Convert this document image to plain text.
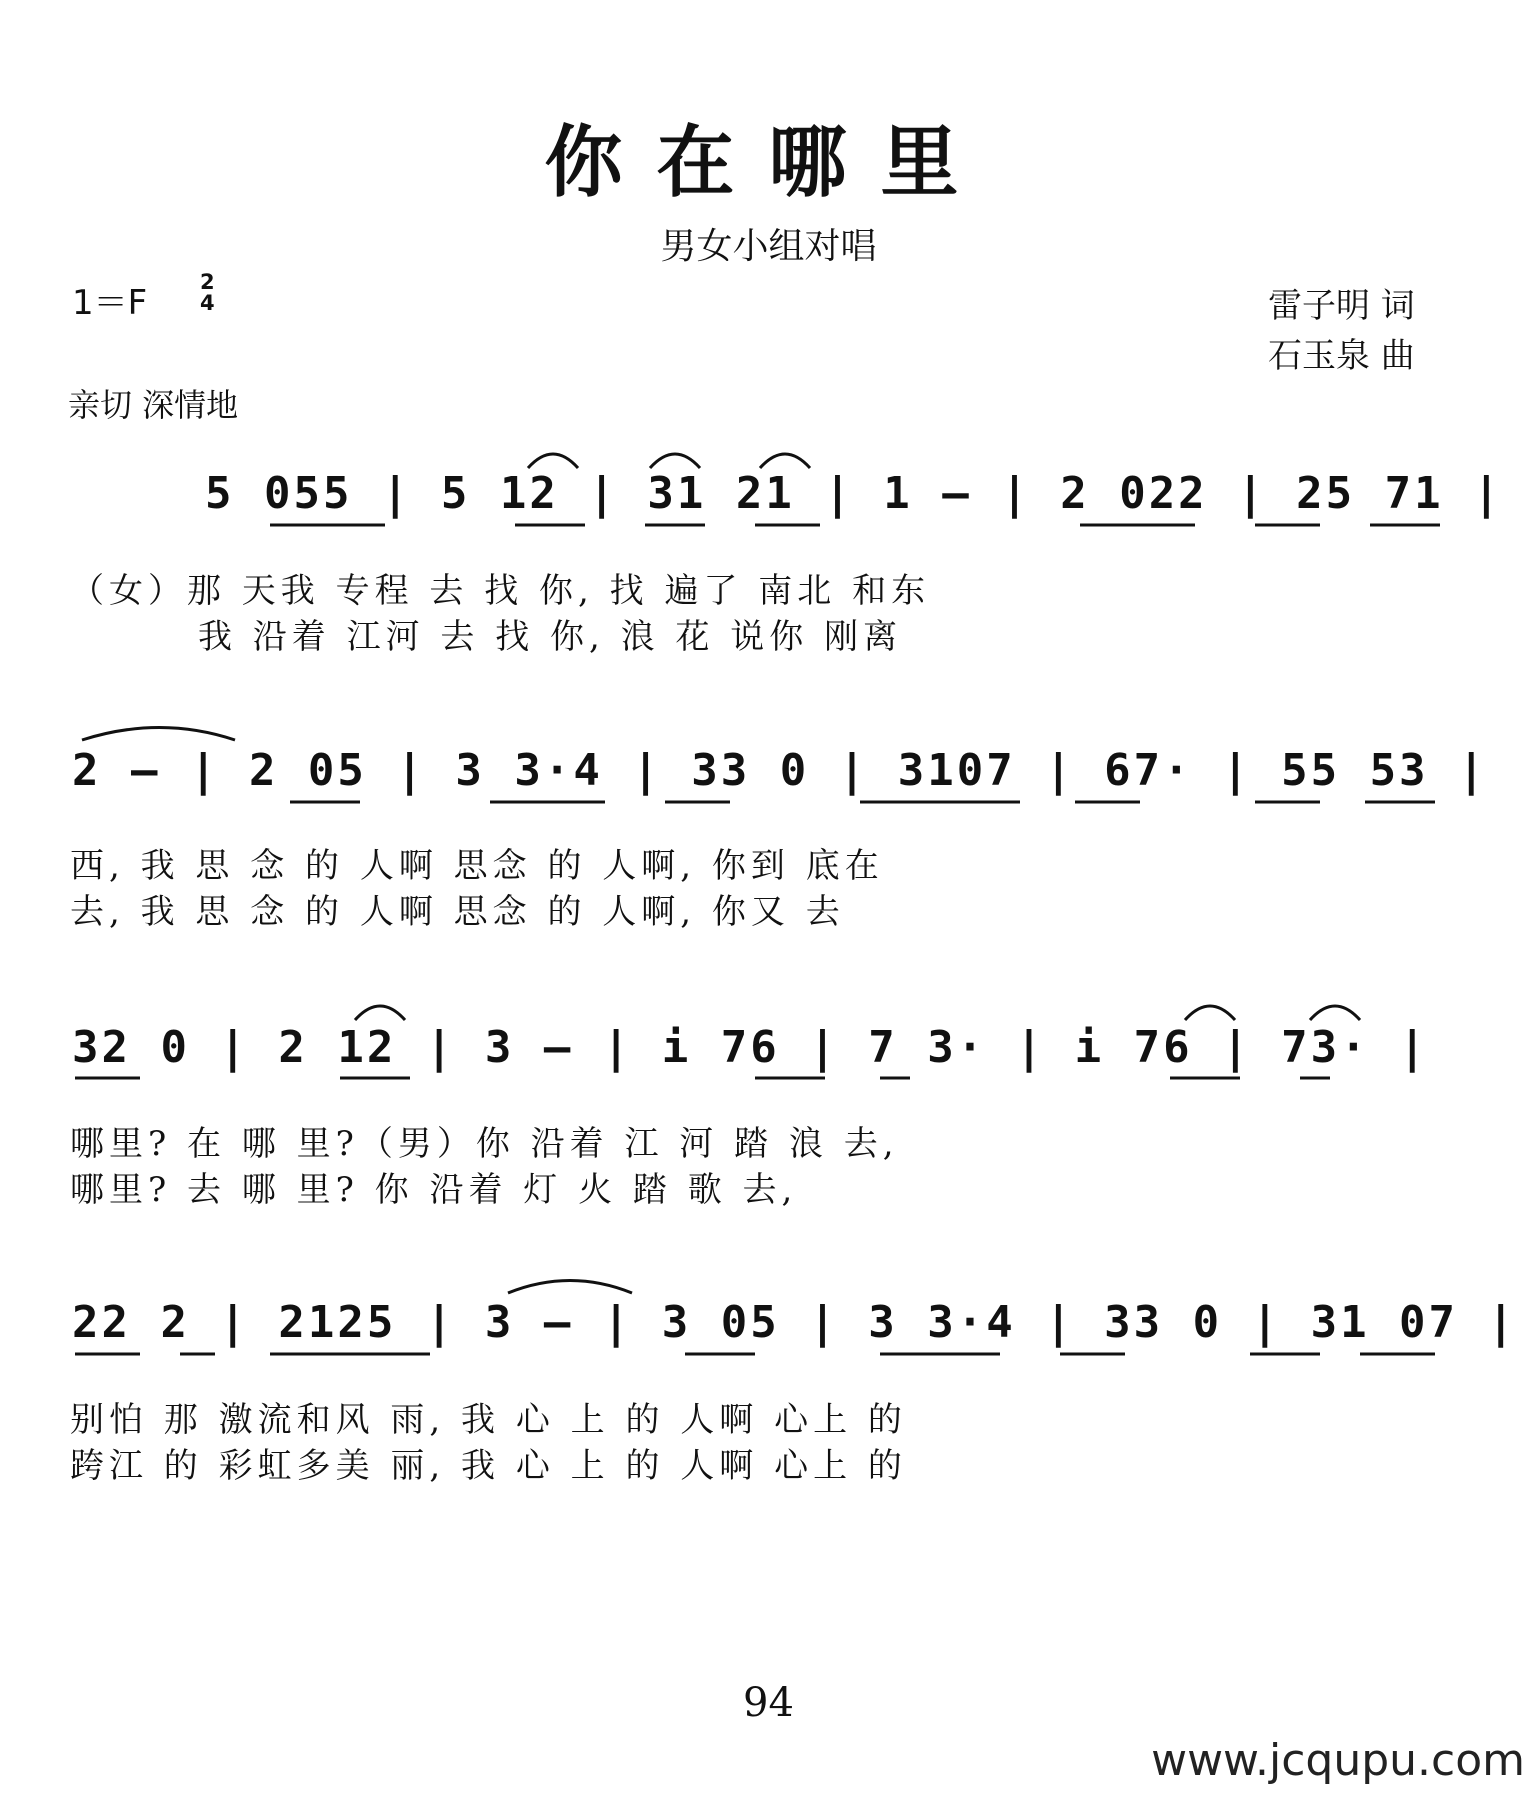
你在哪里
男女小组对唱
1＝F
2
4	雷子明 词
石玉泉 曲
亲切 深情地
5 055 | 5 12 | 31 21 | 1 – | 2 022 | 25 71 |
（女）那 天我 专程 去 找 你, 找 遍了 南北 和东
我 沿着 江河 去 找 你, 浪 花 说你 刚离
2 – | 2 05 | 3 3·4 | 33 0 | 3107 | 67· | 55 53 |
西, 我 思 念 的 人啊 思念 的 人啊, 你到 底在
去, 我 思 念 的 人啊 思念 的 人啊, 你又 去
32 0 | 2 12 | 3 – | i 76 | 7 3· | i 76 | 73· |
哪里? 在 哪 里?（男）你 沿着 江 河 踏 浪 去,
哪里? 去 哪 里? 你 沿着 灯 火 踏 歌 去,
22 2 | 2125 | 3 – | 3 05 | 3 3·4 | 33 0 | 31 07 |
别怕 那 激流和风 雨, 我 心 上 的 人啊 心上 的
跨江 的 彩虹多美 丽, 我 心 上 的 人啊 心上 的
94
www.jcqupu.com
